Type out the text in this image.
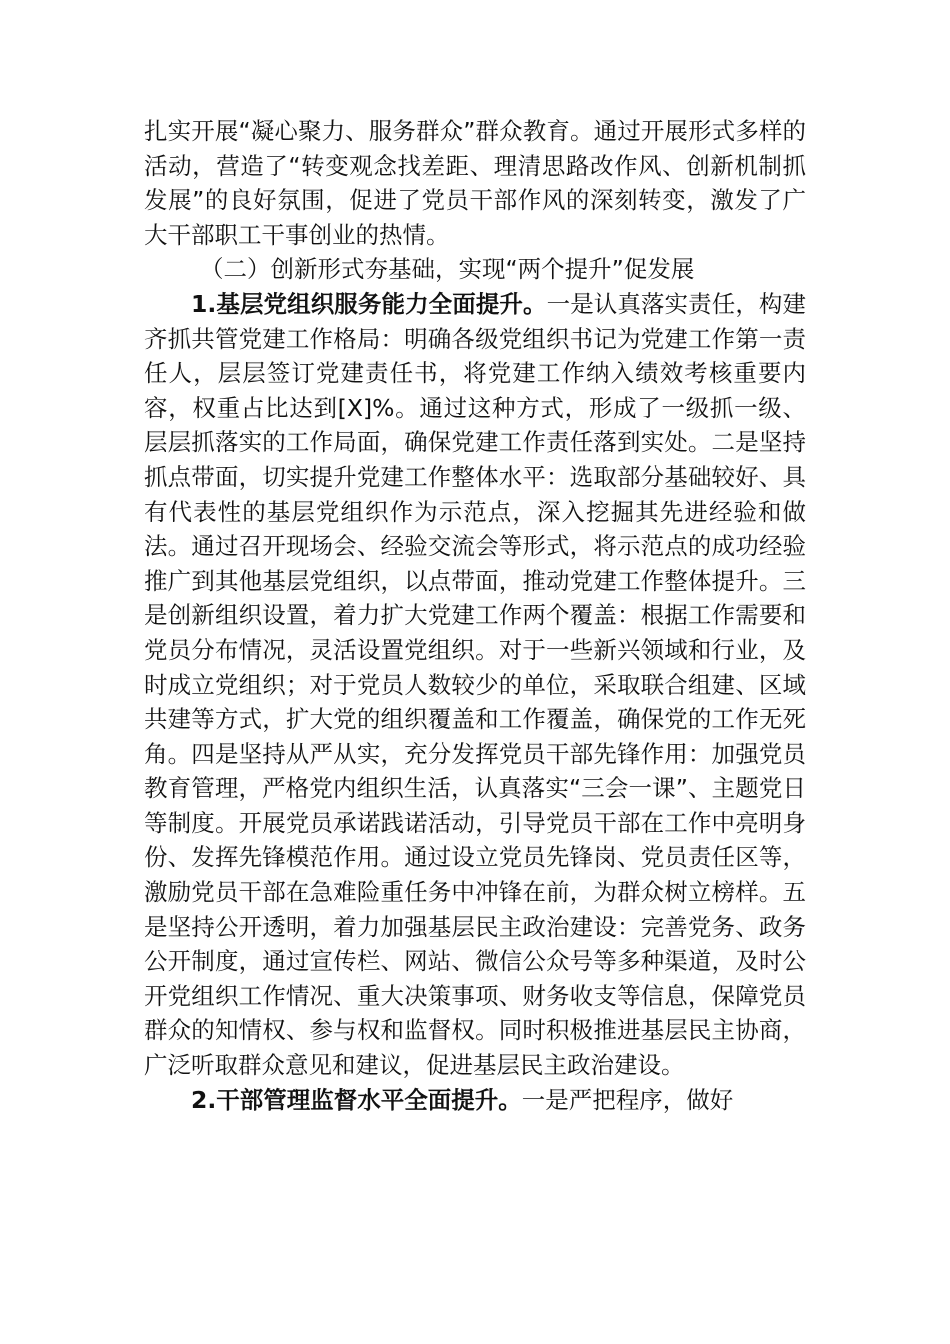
扎实开展“凝心聚力、服务群众”群众教育。通过开展形式多样的活动，营造了“转变观念找差距、理清思路改作风、创新机制抓发展”的良好氛围，促进了党员干部作风的深刻转变，激发了广大干部职工干事创业的热情。

（二）创新形式夯基础，实现“两个提升”促发展

1.基层党组织服务能力全面提升。一是认真落实责任，构建齐抓共管党建工作格局：明确各级党组织书记为党建工作第一责任人，层层签订党建责任书，将党建工作纳入绩效考核重要内容，权重占比达到[X]%。通过这种方式，形成了一级抓一级、层层抓落实的工作局面，确保党建工作责任落到实处。二是坚持抓点带面，切实提升党建工作整体水平：选取部分基础较好、具有代表性的基层党组织作为示范点，深入挖掘其先进经验和做法。通过召开现场会、经验交流会等形式，将示范点的成功经验推广到其他基层党组织，以点带面，推动党建工作整体提升。三是创新组织设置，着力扩大党建工作两个覆盖：根据工作需要和党员分布情况，灵活设置党组织。对于一些新兴领域和行业，及时成立党组织；对于党员人数较少的单位，采取联合组建、区域共建等方式，扩大党的组织覆盖和工作覆盖，确保党的工作无死角。四是坚持从严从实，充分发挥党员干部先锋作用：加强党员教育管理，严格党内组织生活，认真落实“三会一课”、主题党日等制度。开展党员承诺践诺活动，引导党员干部在工作中亮明身份、发挥先锋模范作用。通过设立党员先锋岗、党员责任区等，激励党员干部在急难险重任务中冲锋在前，为群众树立榜样。五是坚持公开透明，着力加强基层民主政治建设：完善党务、政务公开制度，通过宣传栏、网站、微信公众号等多种渠道，及时公开党组织工作情况、重大决策事项、财务收支等信息，保障党员群众的知情权、参与权和监督权。同时积极推进基层民主协商，广泛听取群众意见和建议，促进基层民主政治建设。

2.干部管理监督水平全面提升。一是严把程序，做好
